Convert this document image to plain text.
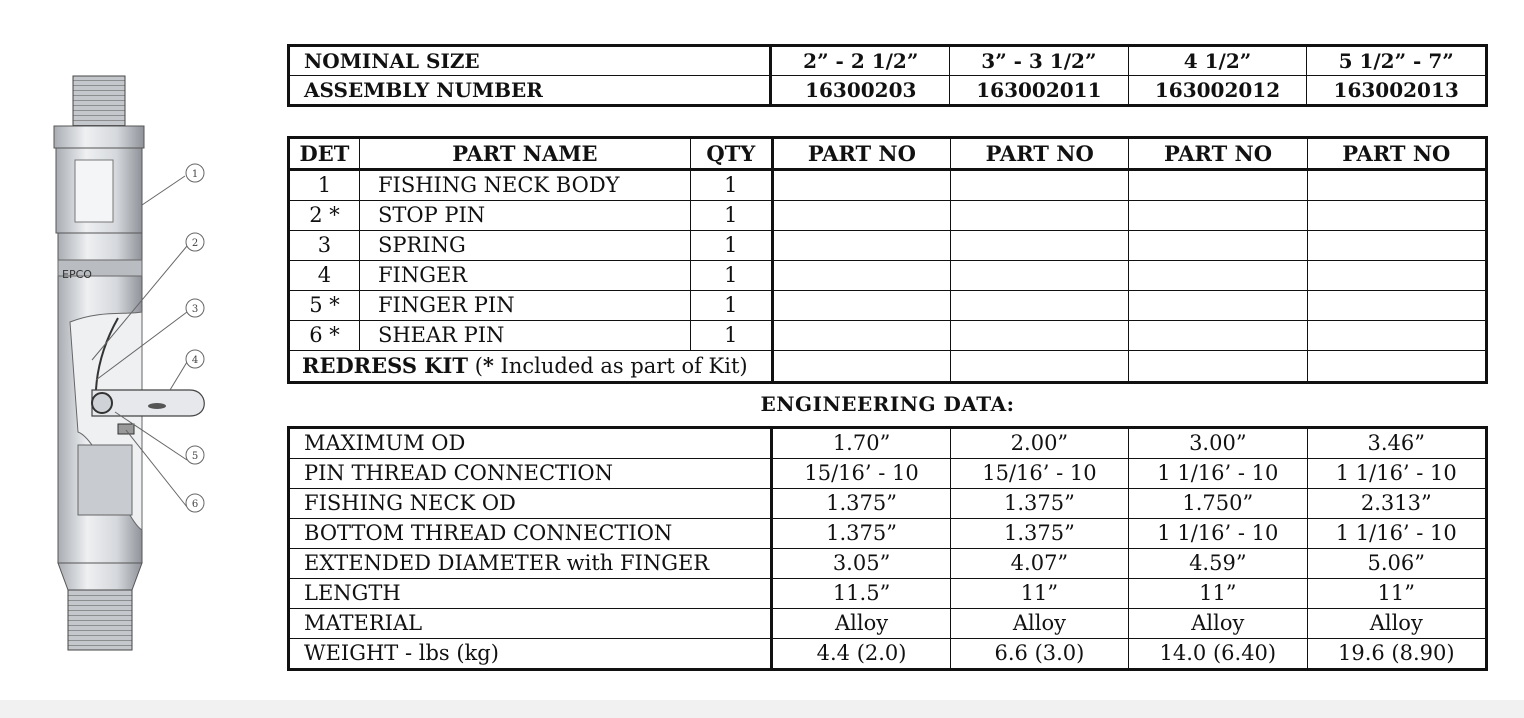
EPCO
1
2
3
4
5
6
NOMINAL SIZE	2” - 2 1/2”	3” - 3 1/2”	4 1/2”	5 1/2” - 7”
ASSEMBLY NUMBER	16300203	163002011	163002012	163002013
DET	PART NAME	QTY	PART NO	PART NO	PART NO	PART NO
1	FISHING NECK BODY	1				
2 *	STOP PIN	1				
3	SPRING	1				
4	FINGER	1				
5 *	FINGER PIN	1				
6 *	SHEAR PIN	1				
REDRESS KIT (* Included as part of Kit)						
ENGINEERING DATA:
MAXIMUM OD	1.70”	2.00”	3.00”	3.46”
PIN THREAD CONNECTION	15/16’ - 10	15/16’ - 10	1 1/16’ - 10	1 1/16’ - 10
FISHING NECK OD	1.375”	1.375”	1.750”	2.313”
BOTTOM THREAD CONNECTION	1.375”	1.375”	1 1/16’ - 10	1 1/16’ - 10
EXTENDED DIAMETER with FINGER	3.05”	4.07”	4.59”	5.06”
LENGTH	11.5”	11”	11”	11”
MATERIAL	Alloy	Alloy	Alloy	Alloy
WEIGHT - lbs (kg)	4.4 (2.0)	6.6 (3.0)	14.0 (6.40)	19.6 (8.90)
